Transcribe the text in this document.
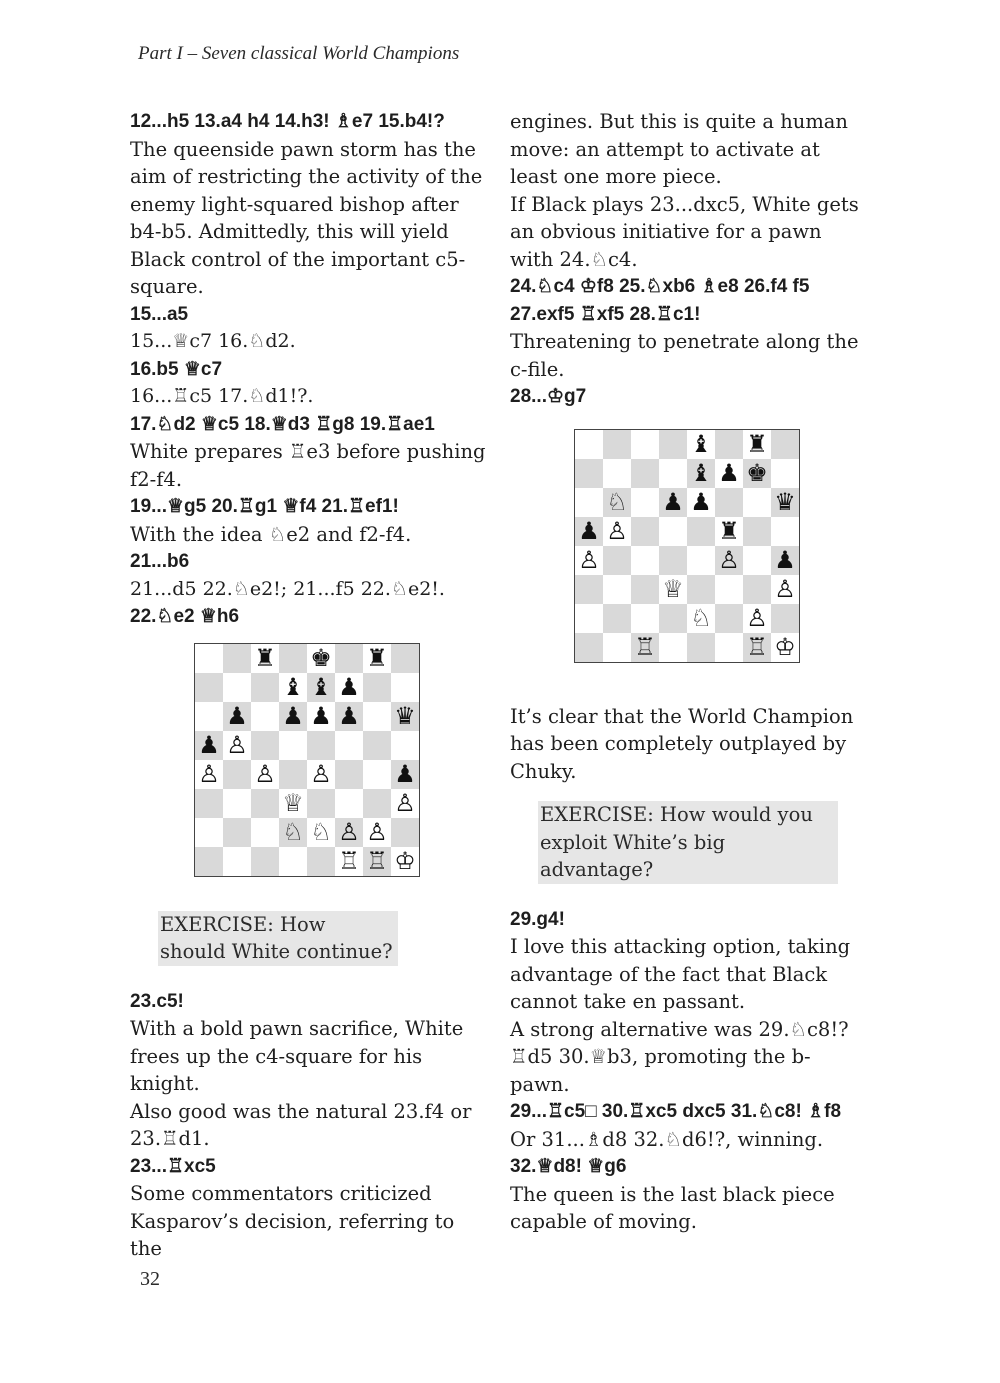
Part I – Seven classical World Champions

12...h5 13.a4 h4 14.h3! ♗e7 15.b4!?

The queenside pawn storm has the aim of restricting the activity of the enemy light-squared bishop after b4-b5. Admittedly, this will yield Black control of the important c5-square.

15...a5

15...♕c7 16.♘d2.

16.b5 ♕c7

16...♖c5 17.♘d1!?.

17.♘d2 ♕c5 18.♕d3 ♖g8 19.♖ae1

White prepares ♖e3 before pushing f2-f4.

19...♕g5 20.♖g1 ♕f4 21.♖ef1!

With the idea ♘e2 and f2-f4.

21...b6

21...d5 22.♘e2!; 21...f5 22.♘e2!.

22.♘e2 ♕h6

♜ ♚ ♜
♝ ♝ ♟
♟ ♟ ♟ ♟ ♛
♟ ♙
♙ ♙ ♙	♟
♕	♙
♘ ♘ ♙ ♙
♖ ♖ ♔
EXERCISE: How should White continue?

23.c5!

With a bold pawn sacrifice, White frees up the c4-square for his knight.

Also good was the natural 23.f4 or 23.♖d1.

23...♖xc5

Some commentators criticized Kasparov’s decision, referring to the

engines. But this is quite a human move: an attempt to activate at least one more piece.

If Black plays 23...dxc5, White gets an obvious initiative for a pawn with 24.♘c4.

24.♘c4 ♔f8 25.♘xb6 ♗e8 26.f4 f5 27.exf5 ♖xf5 28.♖c1!

Threatening to penetrate along the c-file.

28...♔g7

♝ ♜
♝ ♟ ♚
♘ ♟ ♟	♛
♟ ♙	♜
♙	♙ ♟
♕	♙
♘ ♙
♖	♖ ♔

It’s clear that the World Champion has been completely outplayed by Chuky.

EXERCISE: How would you exploit White’s big advantage?

29.g4!

I love this attacking option, taking advantage of the fact that Black cannot take en passant.

A strong alternative was 29.♘c8!? ♖d5 30.♕b3, promoting the b-pawn.

29...♖c5□ 30.♖xc5 dxc5 31.♘c8! ♗f8

Or 31...♗d8 32.♘d6!?, winning.

32.♕d8! ♕g6

The queen is the last black piece capable of moving.

32
